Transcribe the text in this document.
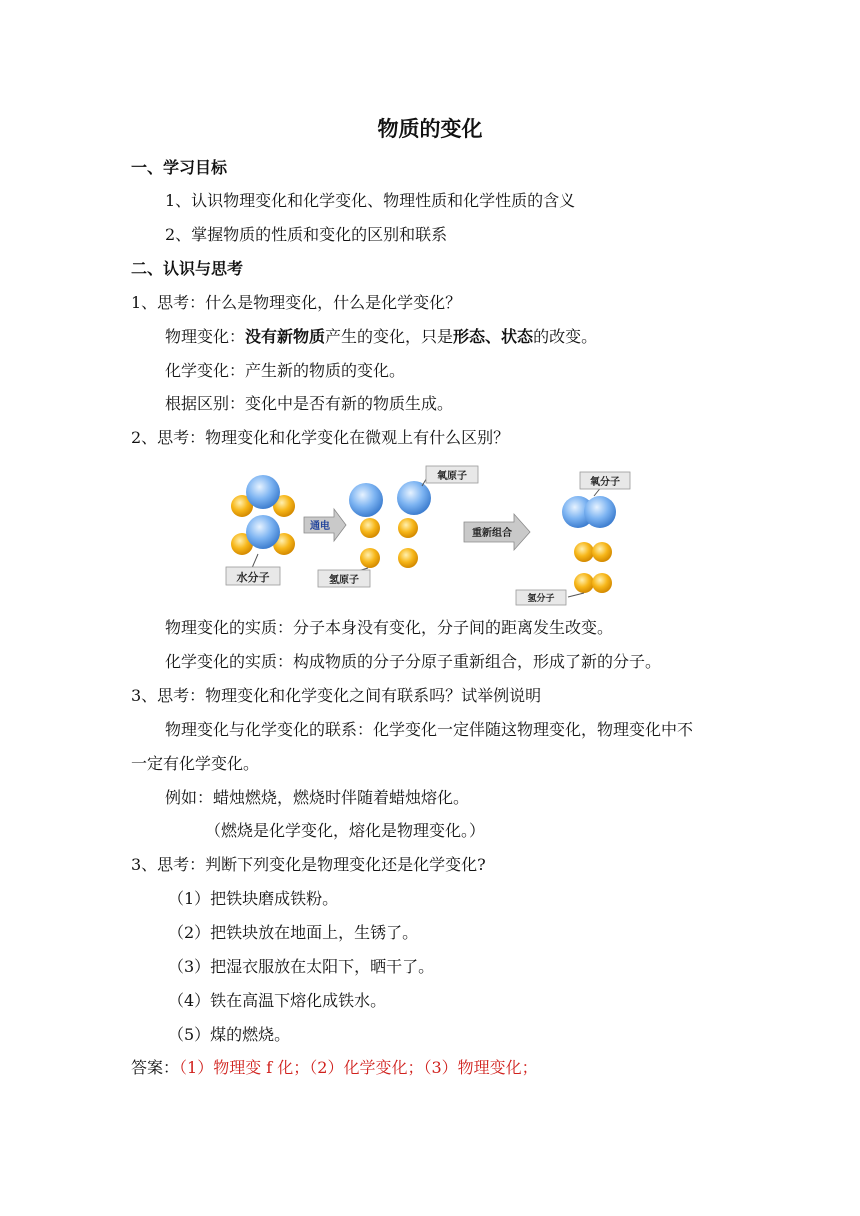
物质的变化
一、学习目标
1、认识物理变化和化学变化、物理性质和化学性质的含义
2、掌握物质的性质和变化的区别和联系
二、认识与思考
1、思考：什么是物理变化，什么是化学变化？
物理变化：没有新物质产生的变化，只是形态、状态的改变。
化学变化：产生新的物质的变化。
根据区别：变化中是否有新的物质生成。
2、思考：物理变化和化学变化在微观上有什么区别？
水分子
通电
氧原子
氢原子
重新组合
氧分子
氢分子
物理变化的实质：分子本身没有变化，分子间的距离发生改变。
化学变化的实质：构成物质的分子分原子重新组合，形成了新的分子。
3、思考：物理变化和化学变化之间有联系吗？试举例说明
物理变化与化学变化的联系：化学变化一定伴随这物理变化，物理变化中不
一定有化学变化。
例如：蜡烛燃烧，燃烧时伴随着蜡烛熔化。
（燃烧是化学变化，熔化是物理变化。）
3、思考：判断下列变化是物理变化还是化学变化?
（1）把铁块磨成铁粉。
（2）把铁块放在地面上，生锈了。
（3）把湿衣服放在太阳下，晒干了。
（4）铁在高温下熔化成铁水。
（5）煤的燃烧。
答案：（1）物理变 f 化；（2）化学变化；（3）物理变化；
